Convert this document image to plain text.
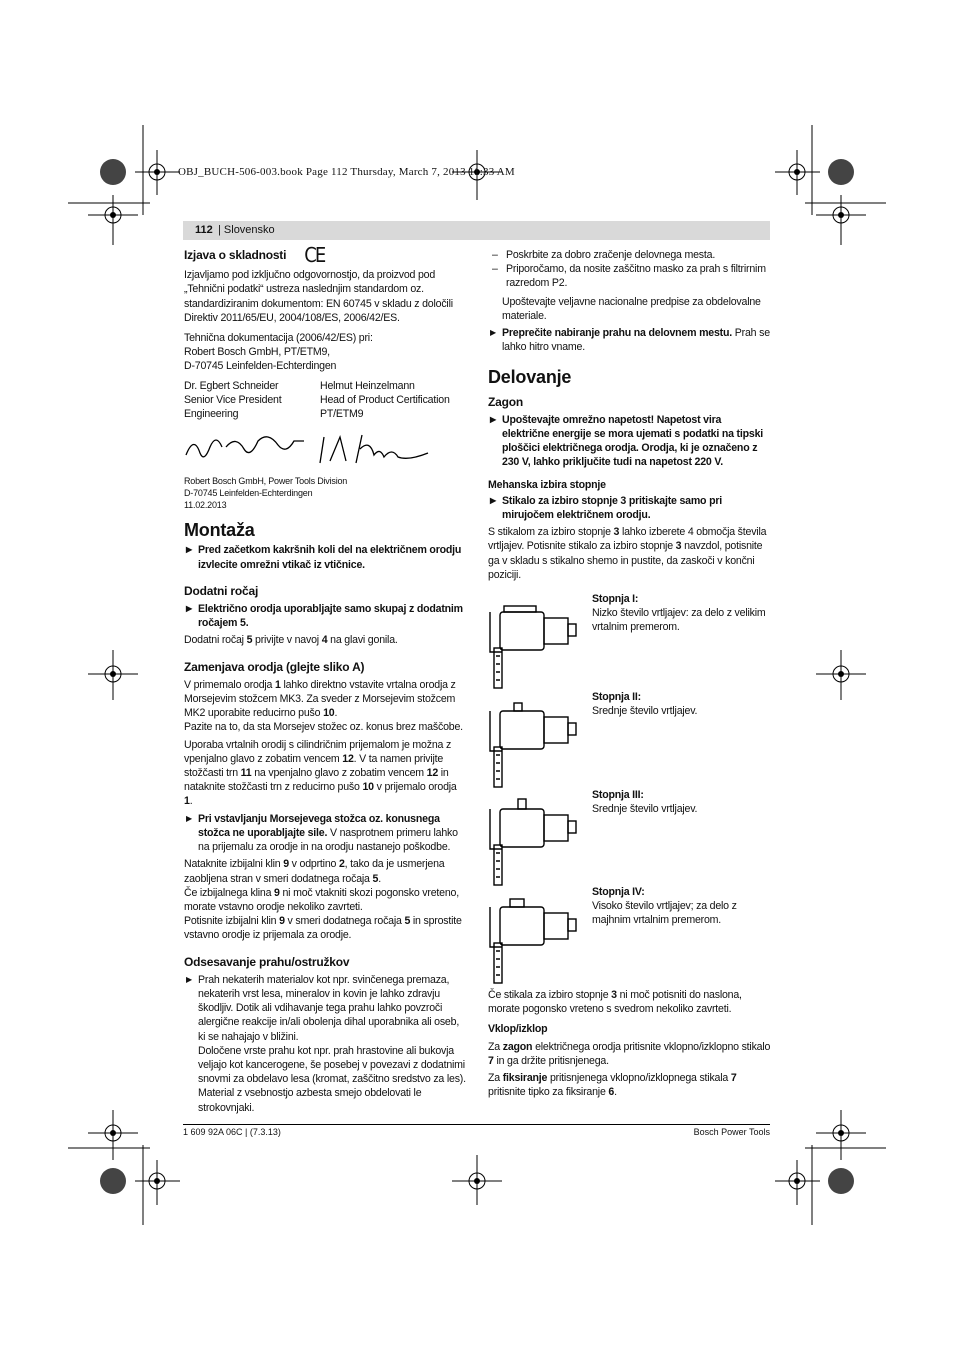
OBJ_BUCH-506-003.book Page 112 Thursday, March 7, 2013 11:33 AM
112 | Slovensko
Izjava o skladnosti CE

Izjavljamo pod izključno odgovornostjo, da proizvod pod „Tehnični podatki“ ustreza naslednjim standardom oz. standardiziranim dokumentom: EN 60745 v skladu z določili Direktiv 2011/65/EU, 2004/108/ES, 2006/42/ES.

Tehnična dokumentacija (2006/42/ES) pri:
Robert Bosch GmbH, PT/ETM9,
D-70745 Leinfelden-Echterdingen

Dr. Egbert Schneider
Senior Vice President
Engineering
Helmut Heinzelmann
Head of Product Certification
PT/ETM9
Robert Bosch GmbH, Power Tools Division
D-70745 Leinfelden-Echterdingen
11.02.2013
Montaža

▶ Pred začetkom kakršnih koli del na električnem orodju izvlecite omrežni vtikač iz vtičnice.

Dodatni ročaj

▶ Električno orodja uporabljajte samo skupaj z dodatnim ročajem 5.

Dodatni ročaj 5 privijte v navoj 4 na glavi gonila.

Zamenjava orodja (glejte sliko A)

V primemalo orodja 1 lahko direktno vstavite vrtalna orodja z Morsejevim stožcem MK3. Za sveder z Morsejevim stožcem MK2 uporabite reducirno pušo 10.

Pazite na to, da sta Morsejev stožec oz. konus brez maščobe.

Uporaba vrtalnih orodij s cilindričnim prijemalom je možna z vpenjalno glavo z zobatim vencem 12. V ta namen privijte stožčasti trn 11 na vpenjalno glavo z zobatim vencem 12 in nataknite stožčasti trn z reducirno pušo 10 v prijemalo orodja 1.

▶ Pri vstavljanju Morsejevega stožca oz. konusnega stožca ne uporabljajte sile. V nasprotnem primeru lahko na prijemalu za orodje in na orodju nastanejo poškodbe.

Nataknite izbijalni klin 9 v odprtino 2, tako da je usmerjena zaobljena stran v smeri dodatnega ročaja 5.

Če izbijalnega klina 9 ni moč vtakniti skozi pogonsko vreteno, morate vstavno orodje nekoliko zavrteti.

Potisnite izbijalni klin 9 v smeri dodatnega ročaja 5 in sprostite vstavno orodje iz prijemala za orodje.

Odsesavanje prahu/ostružkov
▶ Prah nekaterih materialov kot npr. svinčenega premaza, nekaterih vrst lesa, mineralov in kovin je lahko zdravju škodljiv. Dotik ali vdihavanje tega prahu lahko povzroči alergične reakcije in/ali obolenja dihal uporabnika ali oseb, ki se nahajajo v bližini.
Določene vrste prahu kot npr. prah hrastovine ali bukovja veljajo kot kancerogene, še posebej v povezavi z dodatnimi snovmi za obdelavo lesa (kromat, zaščitno sredstvo za les). Material z vsebnostjo azbesta smejo obdelovati le strokovnjaki.
– Poskrbite za dobro zračenje delovnega mesta.
– Priporočamo, da nosite zaščitno masko za prah s filtrirnim razredom P2.

Upoštevajte veljavne nacionalne predpise za obdelovalne materiale.

▶ Preprečite nabiranje prahu na delovnem mestu. Prah se lahko hitro vname.

Delovanje
Zagon

▶ Upoštevajte omrežno napetost! Napetost vira električne energije se mora ujemati s podatki na tipski ploščici električnega orodja. Orodja, ki je označeno z 230 V, lahko priključite tudi na napetost 220 V.

Mehanska izbira stopnje

▶ Stikalo za izbiro stopnje 3 pritiskajte samo pri mirujočem električnem orodju.

S stikalom za izbiro stopnje 3 lahko izberete 4 območja števila vrtljajev. Potisnite stikalo za izbiro stopnje 3 navzdol, potisnite ga v skladu s stikalno shemo in pustite, da zaskoči v končni poziciji.

Stopnja I:
Nizko število vrtljajev: za delo z velikim vrtalnim premerom.
Stopnja II:
Srednje število vrtljajev.
Stopnja III:
Srednje število vrtljajev.
Stopnja IV:
Visoko število vrtljajev; za delo z majhnim vrtalnim premerom.

Če stikala za izbiro stopnje 3 ni moč potisniti do naslona, morate pogonsko vreteno s svedrom nekoliko zavrteti.

Vklop/izklop

Za zagon električnega orodja pritisnite vklopno/izklopno stikalo 7 in ga držite pritisnjenega.

Za fiksiranje pritisnjenega vklopno/izklopnega stikala 7 pritisnite tipko za fiksiranje 6.

1 609 92A 06C | (7.3.13)	Bosch Power Tools
